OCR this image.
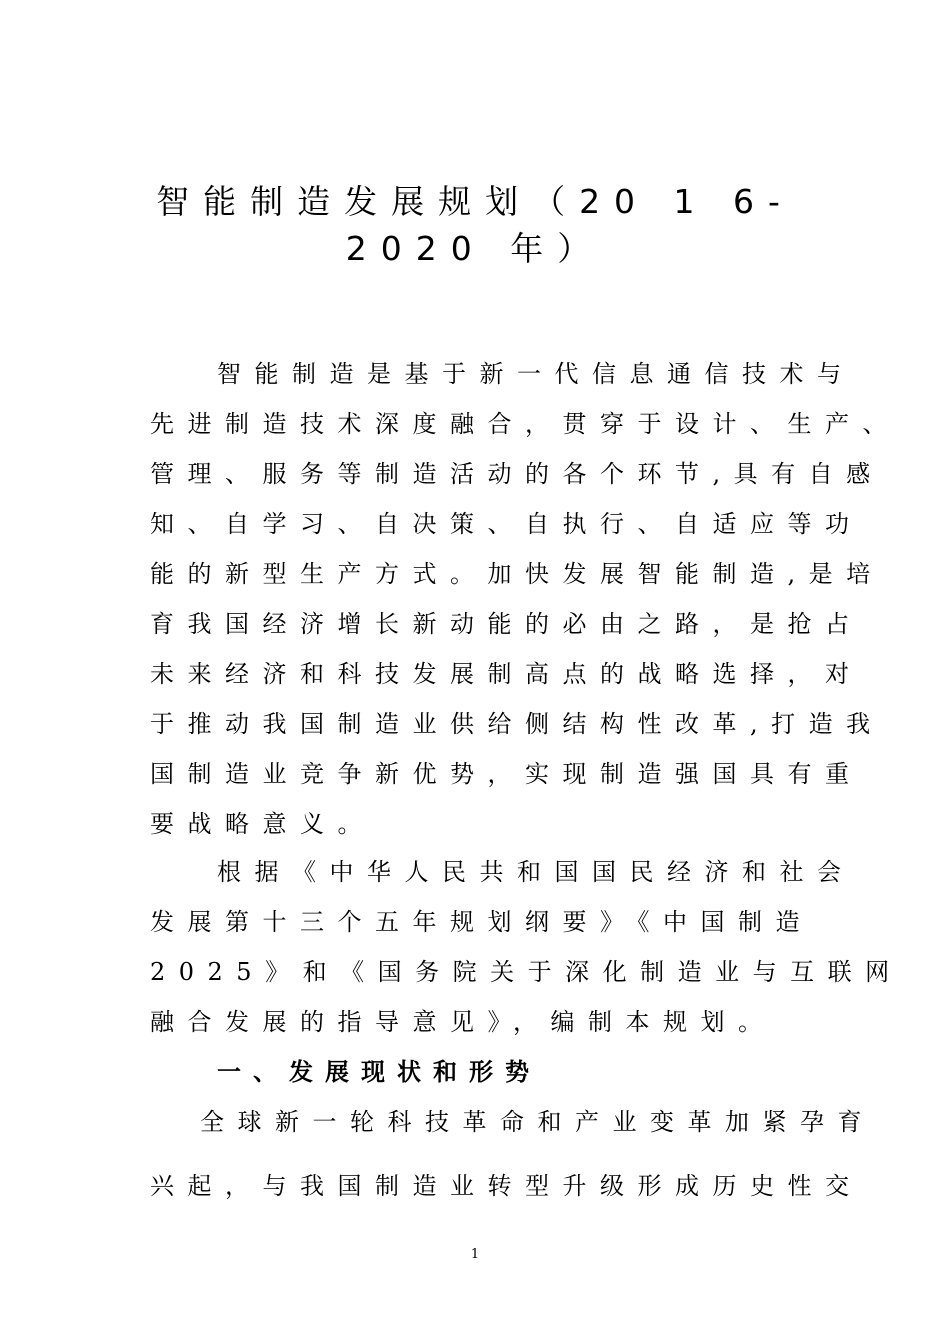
智能制造发展规划（20 1 6-
2020 年）
智能制造是基于新一代信息通信技术与
先进制造技术深度融合，贯穿于设计、生产、
管理、服务等制造活动的各个环节,具有自感
知、自学习、自决策、自执行、自适应等功
能的新型生产方式。加快发展智能制造,是培
育我国经济增长新动能的必由之路，是抢占
未来经济和科技发展制高点的战略选择，对
于推动我国制造业供给侧结构性改革,打造我
国制造业竞争新优势，实现制造强国具有重
要战略意义。
根据《中华人民共和国国民经济和社会
发展第十三个五年规划纲要》《中国制造
2025》和《国务院关于深化制造业与互联网
融合发展的指导意见》，编制本规划。
一、发展现状和形势
全球新一轮科技革命和产业变革加紧孕育
兴起，与我国制造业转型升级形成历史性交
1
